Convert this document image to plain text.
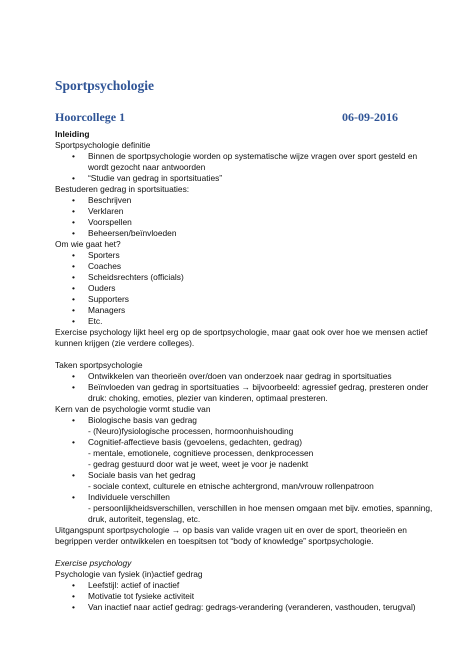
Sportpsychologie
Hoorcollege 1	06-09-2016
Inleiding
Sportpsychologie definitie
• Binnen de sportpsychologie worden op systematische wijze vragen over sport gesteld en
wordt gezocht naar antwoorden
• “Studie van gedrag in sportsituaties”
Bestuderen gedrag in sportsituaties:
• Beschrijven
• Verklaren
• Voorspellen
• Beheersen/beïnvloeden
Om wie gaat het?
• Sporters
• Coaches
• Scheidsrechters (officials)
• Ouders
• Supporters
• Managers
• Etc.
Exercise psychology lijkt heel erg op de sportpsychologie, maar gaat ook over hoe we mensen actief
kunnen krijgen (zie verdere colleges).
Taken sportpsychologie
• Ontwikkelen van theorieën over/doen van onderzoek naar gedrag in sportsituaties
• Beïnvloeden van gedrag in sportsituaties → bijvoorbeeld: agressief gedrag, presteren onder
druk: choking, emoties, plezier van kinderen, optimaal presteren.
Kern van de psychologie vormt studie van
• Biologische basis van gedrag
- (Neuro)fysiologische processen, hormoonhuishouding
• Cognitief-affectieve basis (gevoelens, gedachten, gedrag)
- mentale, emotionele, cognitieve processen, denkprocessen
- gedrag gestuurd door wat je weet, weet je voor je nadenkt
• Sociale basis van het gedrag
- sociale context, culturele en etnische achtergrond, man/vrouw rollenpatroon
• Individuele verschillen
- persoonlijkheidsverschillen, verschillen in hoe mensen omgaan met bijv. emoties, spanning,
druk, autoriteit, tegenslag, etc.
Uitgangspunt sportpsychologie → op basis van valide vragen uit en over de sport, theorieën en
begrippen verder ontwikkelen en toespitsen tot “body of knowledge” sportpsychologie.
Exercise psychology
Psychologie van fysiek (in)actief gedrag
• Leefstijl: actief of inactief
• Motivatie tot fysieke activiteit
• Van inactief naar actief gedrag: gedrags-verandering (veranderen, vasthouden, terugval)
